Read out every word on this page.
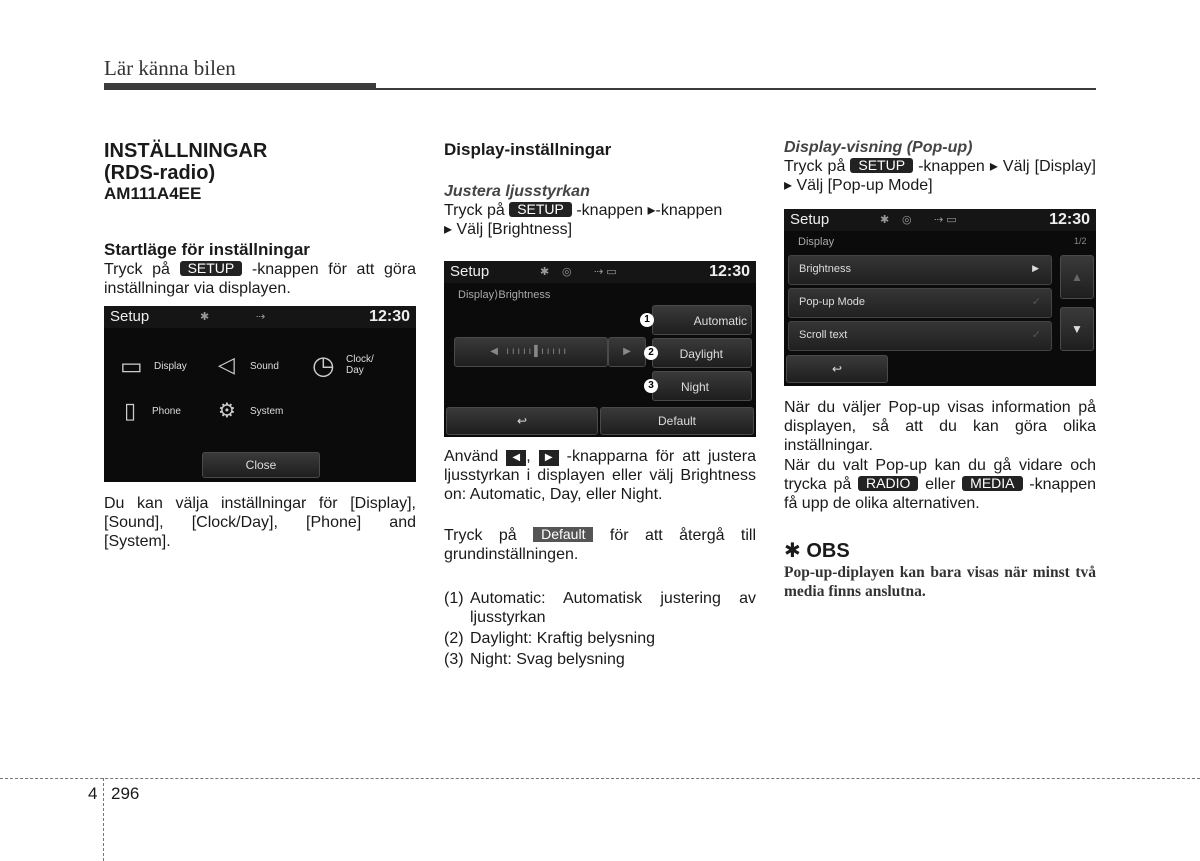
Lär känna bilen

INSTÄLLNINGAR

(RDS-radio)

AM111A4EE

Startläge för inställningar

Tryck på SETUP -knappen för att göra inställningar via displayen.

Setup	✱	⇢	12:30
▭ Display ◁ Sound ◷ Clock/ Day
▯ Phone ⚙ System
Close
Du kan välja inställningar för [Display], [Sound], [Clock/Day], [Phone] and [System].

Display-inställningar

Justera ljusstyrkan

Tryck på SETUP -knappen ▸-knappen
▸ Välj [Brightness]

Setup	✱ ◎ ⇢ ▭	12:30
Display⟩Brightness
◀   ı ı ı ı ı ▌ı ı ı ı ı	▶
Automatic
Daylight
Night
1
2
3
↩	Default
Använd ◀ , ▶ -knapparna för att justera ljusstyrkan i displayen eller välj Brightness on: Automatic, Day, eller Night.
Tryck på Default för att återgå till grundinställningen.
(1) Automatic: Automatisk justering av ljusstyrkan
(2) Daylight: Kraftig belysning
(3) Night: Svag belysning

Display-visning (Pop-up)

Tryck på SETUP -knappen ▸ Välj [Display] ▸ Välj [Pop-up Mode]

Setup	✱ ◎ ⇢ ▭	12:30
Display	1/2
Brightness	▶
Pop-up Mode	✓
Scroll text	✓
▲
▼
↩
När du väljer Pop-up visas information på displayen, så att du kan göra olika inställningar.
När du valt Pop-up kan du gå vidare och trycka på RADIO eller MEDIA -knappen få upp de olika alternativen.
✱ OBS
Pop-up-diplayen kan bara visas när minst två media finns anslutna.
4 296
